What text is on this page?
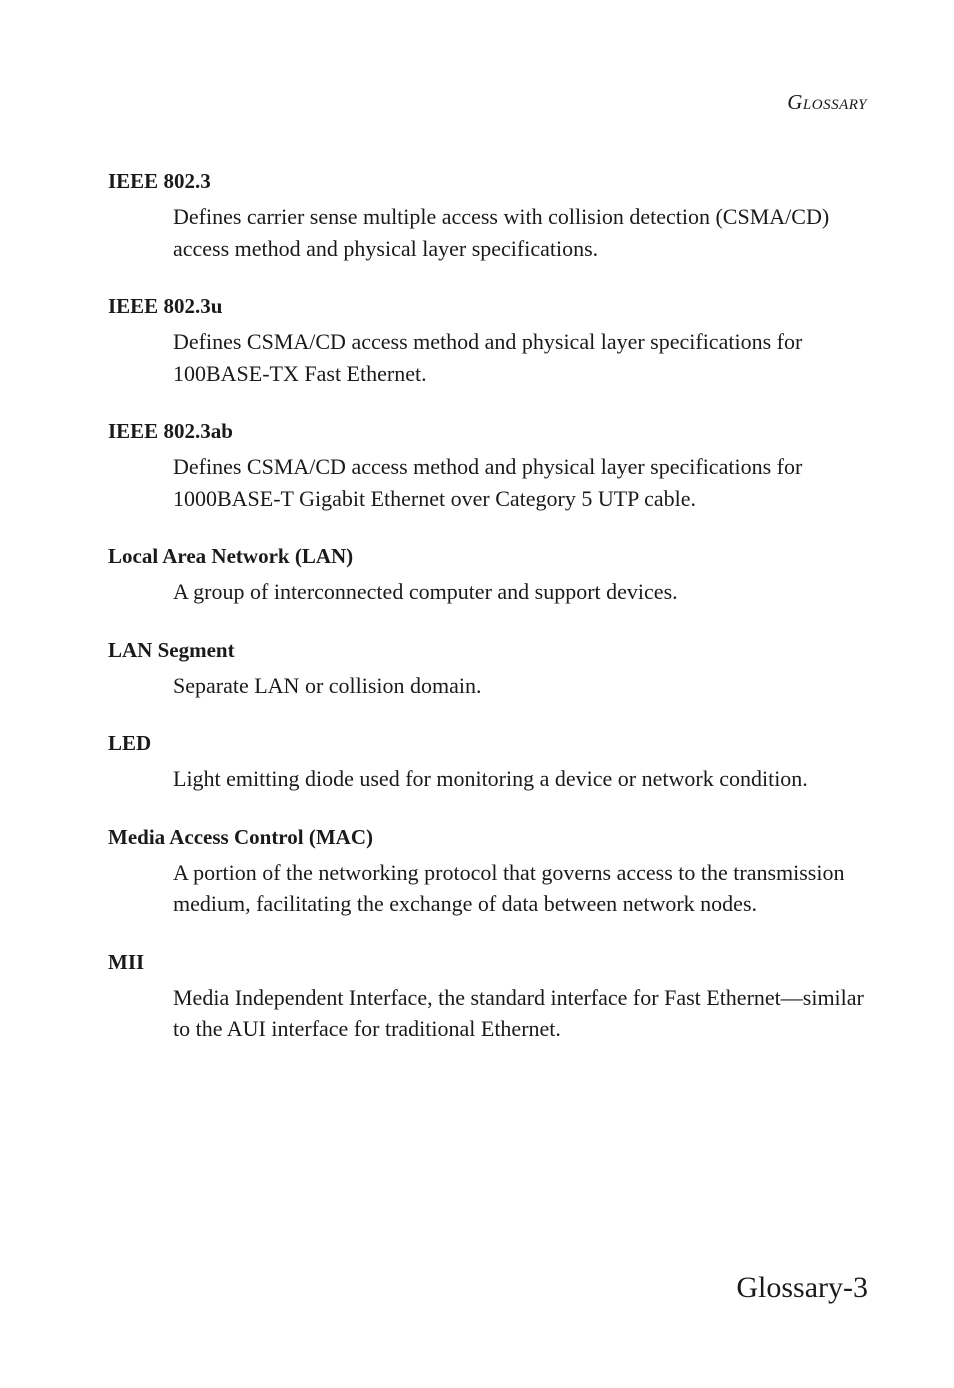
Glossary
IEEE 802.3
Defines carrier sense multiple access with collision detection (CSMA/CD) access method and physical layer specifications.
IEEE 802.3u
Defines CSMA/CD access method and physical layer specifications for 100BASE-TX Fast Ethernet.
IEEE 802.3ab
Defines CSMA/CD access method and physical layer specifications for 1000BASE-T Gigabit Ethernet over Category 5 UTP cable.
Local Area Network (LAN)
A group of interconnected computer and support devices.
LAN Segment
Separate LAN or collision domain.
LED
Light emitting diode used for monitoring a device or network condition.
Media Access Control (MAC)
A portion of the networking protocol that governs access to the transmission medium, facilitating the exchange of data between network nodes.
MII
Media Independent Interface, the standard interface for Fast Ethernet—similar to the AUI interface for traditional Ethernet.
Glossary-3
